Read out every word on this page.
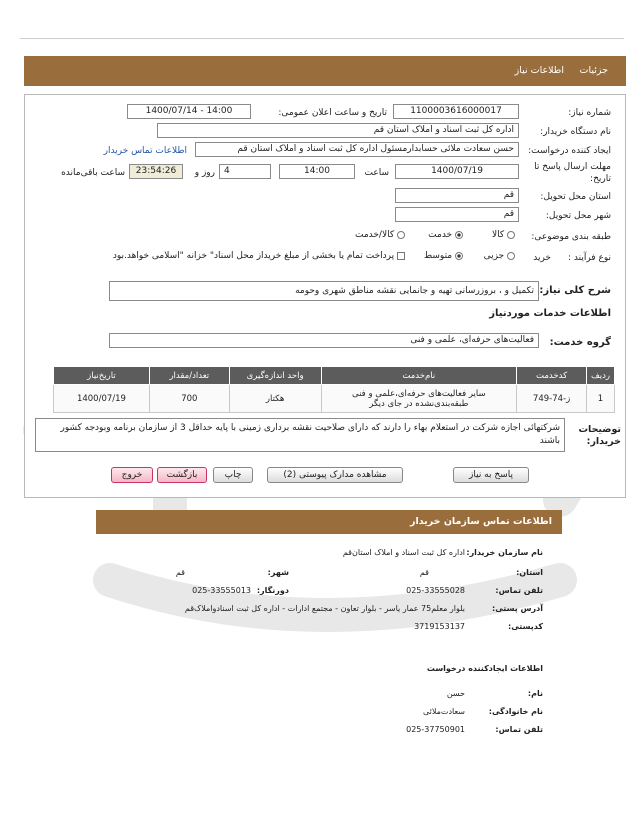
جزئیات
اطلاعات نیاز
شماره نیاز:
1100003616000017
تاریخ و ساعت اعلان عمومی:
1400/07/14 - 14:00
نام دستگاه خریدار:
اداره کل ثبت اسناد و املاک استان قم
ایجاد کننده درخواست:
حسن سعادت ملائی حسابدارمسئول اداره کل ثبت اسناد و املاک استان قم
اطلاعات تماس خریدار
مهلت ارسال پاسخ تا تاریخ:
1400/07/19
ساعت
14:00
4
روز و
23:54:26
ساعت باقی‌مانده
استان محل تحویل:
قم
شهر محل تحویل:
قم
طبقه بندی موضوعی:
کالا
خدمت
کالا/خدمت
نوع فرآیند :
خرید
جزیی
متوسط
پرداخت تمام یا بخشی از مبلغ خریداز محل اسناد" خزانه "اسلامی خواهد.بود
شرح کلی نیاز:
تکمیل و ، بروزرسانی تهیه و جانمایی نقشه مناطق شهری وحومه
اطلاعات خدمات موردنیاز
گروه خدمت:
فعالیت‌های حرفه‌ای، علمی و فنی
ردیف	کدخدمت	نام‌خدمت	واحد اندازه‌گیری	تعداد/مقدار	تاریخ‌نیاز
1	ز-74-749	سایر فعالیت‌های حرفه‌ای،علمی و فنی طبقه‌بندی‌نشده در جای دیگر	هکتار	700	1400/07/19
توضیحات خریدار:
شرکتهائی اجازه شرکت در استعلام بهاء را دارند که دارای صلاحیت نقشه برداری زمینی با پایه حداقل 3 از سازمان برنامه وبودجه کشور باشند
پاسخ به نیاز
مشاهده مدارک پیوستی (2)
چاپ
بازگشت
خروج
اطلاعات تماس سازمان خریدار
نام سازمان خریدار:
اداره کل ثبت اسناد و املاک استان‌قم
استان:
قم
شهر:
قم
تلفن تماس:
025-33555028
دورنگار:
025-33555013
آدرس پستی:
بلوار معلم75 عمار یاسر - بلوار تعاون - مجتمع ادارات - اداره کل ثبت اسنادواملاک‌قم
کدپستی:
3719153137
اطلاعات ایجادکننده درخواست
نام:
حسن
نام خانوادگی:
سعادت‌ملائی
تلفن تماس:
025-37750901
